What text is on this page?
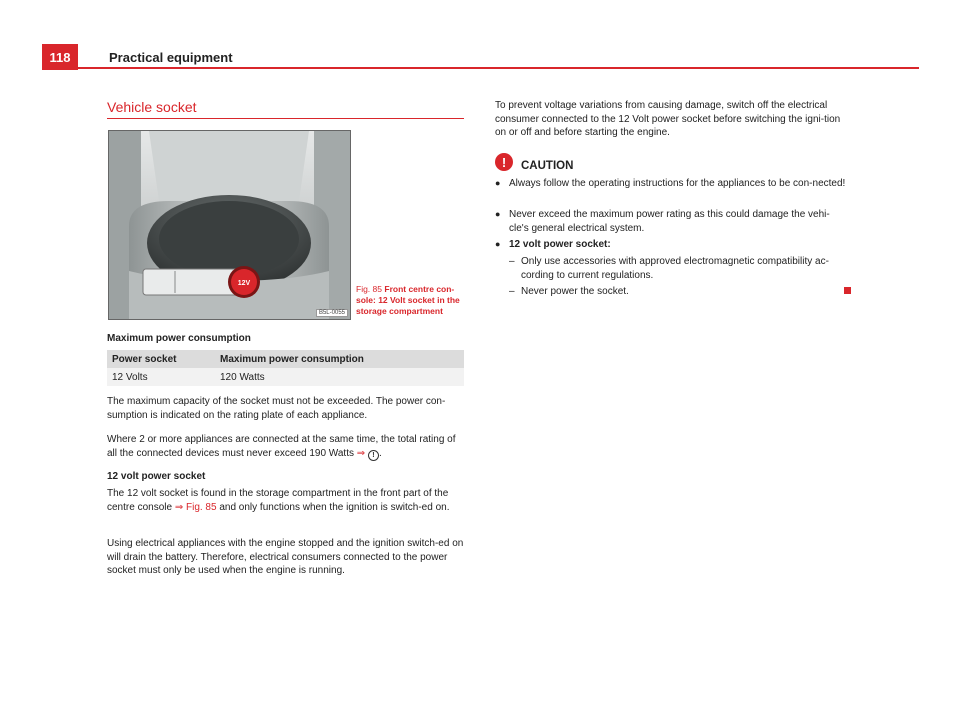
118	Practical equipment
Vehicle socket
12V
B5L-0055
Fig. 85 Front centre con-sole: 12 Volt socket in the storage compartment
Maximum power consumption
Power socket	Maximum power consumption
12 Volts	120 Watts
The maximum capacity of the socket must not be exceeded. The power con-sumption is indicated on the rating plate of each appliance.
Where 2 or more appliances are connected at the same time, the total rating of all the connected devices must never exceed 190 Watts ⇒ ! .
12 volt power socket
The 12 volt socket is found in the storage compartment in the front part of the centre console ⇒ Fig. 85 and only functions when the ignition is switch-ed on.
Using electrical appliances with the engine stopped and the ignition switch-ed on will drain the battery. Therefore, electrical consumers connected to the power socket must only be used when the engine is running.
To prevent voltage variations from causing damage, switch off the electrical consumer connected to the 12 Volt power socket before switching the igni-tion on or off and before starting the engine.
!	CAUTION
● Always follow the operating instructions for the appliances to be con-nected!
● Never exceed the maximum power rating as this could damage the vehi-cle's general electrical system.
● 12 volt power socket:
– Only use accessories with approved electromagnetic compatibility ac-cording to current regulations.
– Never power the socket.
